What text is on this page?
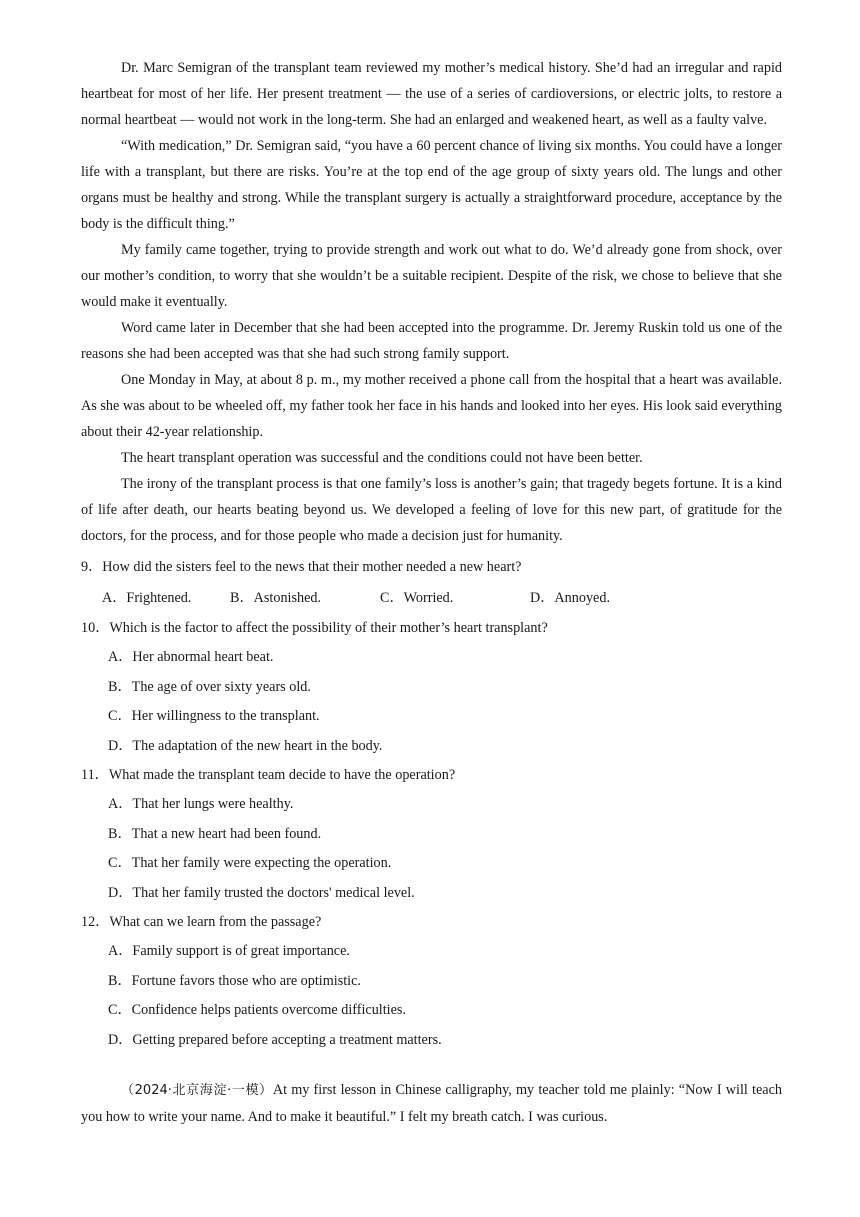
Dr. Marc Semigran of the transplant team reviewed my mother’s medical history. She’d had an irregular and rapid heartbeat for most of her life. Her present treatment — the use of a series of cardioversions, or electric jolts, to restore a normal heartbeat — would not work in the long-term. She had an enlarged and weakened heart, as well as a faulty valve.

“With medication,” Dr. Semigran said, “you have a 60 percent chance of living six months. You could have a longer life with a transplant, but there are risks. You’re at the top end of the age group of sixty years old. The lungs and other organs must be healthy and strong. While the transplant surgery is actually a straightforward procedure, acceptance by the body is the difficult thing.”

My family came together, trying to provide strength and work out what to do. We’d already gone from shock, over our mother’s condition, to worry that she wouldn’t be a suitable recipient. Despite of the risk, we chose to believe that she would make it eventually.

Word came later in December that she had been accepted into the programme. Dr. Jeremy Ruskin told us one of the reasons she had been accepted was that she had such strong family support.

One Monday in May, at about 8 p. m., my mother received a phone call from the hospital that a heart was available. As she was about to be wheeled off, my father took her face in his hands and looked into her eyes. His look said everything about their 42-year relationship.

The heart transplant operation was successful and the conditions could not have been better.

The irony of the transplant process is that one family’s loss is another’s gain; that tragedy begets fortune. It is a kind of life after death, our hearts beating beyond us. We developed a feeling of love for this new part, of gratitude for the doctors, for the process, and for those people who made a decision just for humanity.

9．How did the sisters feel to the news that their mother needed a new heart?
A．Frightened.	B．Astonished.	C．Worried.	D．Annoyed.
10．Which is the factor to affect the possibility of their mother’s heart transplant?
A．Her abnormal heart beat.
B．The age of over sixty years old.
C．Her willingness to the transplant.
D．The adaptation of the new heart in the body.
11．What made the transplant team decide to have the operation?
A．That her lungs were healthy.
B．That a new heart had been found.
C．That her family were expecting the operation.
D．That her family trusted the doctors' medical level.
12．What can we learn from the passage?
A．Family support is of great importance.
B．Fortune favors those who are optimistic.
C．Confidence helps patients overcome difficulties.
D．Getting prepared before accepting a treatment matters.

（2024·北京海淀·一模）At my first lesson in Chinese calligraphy, my teacher told me plainly: “Now I will teach you how to write your name. And to make it beautiful.” I felt my breath catch. I was curious.
